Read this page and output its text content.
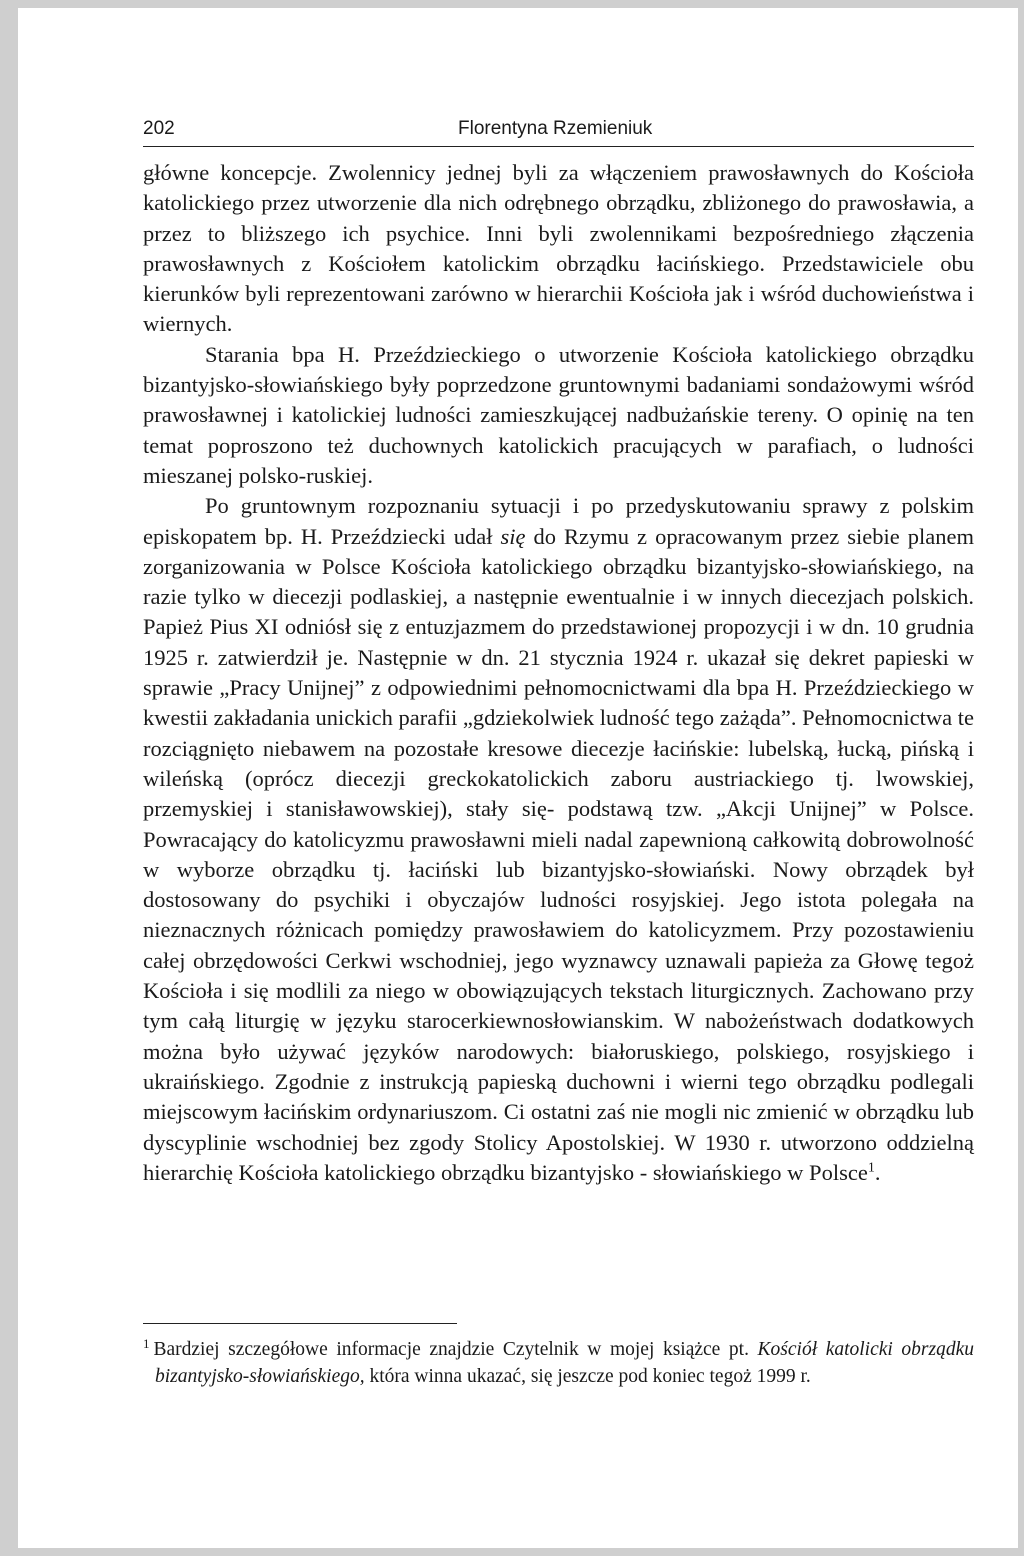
202	Florentyna Rzemieniuk

główne koncepcje. Zwolennicy jednej byli za włączeniem prawosławnych do Kościoła katolickiego przez utworzenie dla nich odrębnego obrządku, zbliżonego do prawosławia, a przez to bliższego ich psychice. Inni byli zwolennikami bezpośredniego złączenia prawosławnych z Kościołem katolickim obrządku łacińskiego. Przedstawiciele obu kierunków byli reprezentowani zarówno w hierarchii Kościoła jak i wśród duchowieństwa i wiernych.

Starania bpa H. Przeździeckiego o utworzenie Kościoła katolickiego obrządku bizantyjsko-słowiańskiego były poprzedzone gruntownymi badaniami sondażowymi wśród prawosławnej i katolickiej ludności zamieszkującej nadbużańskie tereny. O opinię na ten temat poproszono też duchownych katolickich pracujących w parafiach, o ludności mieszanej polsko-ruskiej.

Po gruntownym rozpoznaniu sytuacji i po przedyskutowaniu sprawy z polskim episkopatem bp. H. Przeździecki udał się do Rzymu z opracowanym przez siebie planem zorganizowania w Polsce Kościoła katolickiego obrządku bizantyjsko-słowiańskiego, na razie tylko w diecezji podlaskiej, a następnie ewentualnie i w innych diecezjach polskich. Papież Pius XI odniósł się z entuzjazmem do przedstawionej propozycji i w dn. 10 grudnia 1925 r. zatwierdził je. Następnie w dn. 21 stycznia 1924 r. ukazał się dekret papieski w sprawie „Pracy Unijnej” z odpowiednimi pełnomocnictwami dla bpa H. Przeździeckiego w kwestii zakładania unickich parafii „gdziekolwiek ludność tego zażąda”. Pełnomocnictwa te rozciągnięto niebawem na pozostałe kresowe diecezje łacińskie: lubelską, łucką, pińską i wileńską (oprócz diecezji greckokatolickich zaboru austriackiego tj. lwowskiej, przemyskiej i stanisławowskiej), stały się- podstawą tzw. „Akcji Unijnej” w Polsce. Powracający do katolicyzmu prawosławni mieli nadal zapewnioną całkowitą dobrowolność w wyborze obrządku tj. łaciński lub bizantyjsko-słowiański. Nowy obrządek był dostosowany do psychiki i obyczajów ludności rosyjskiej. Jego istota polegała na nieznacznych różnicach pomiędzy prawosławiem do katolicyzmem. Przy pozostawieniu całej obrzędowości Cerkwi wschodniej, jego wyznawcy uznawali papieża za Głowę tegoż Kościoła i się modlili za niego w obowiązujących tekstach liturgicznych. Zachowano przy tym całą liturgię w języku starocerkiewnosłowianskim. W nabożeństwach dodatkowych można było używać języków narodowych: białoruskiego, polskiego, rosyjskiego i ukraińskiego. Zgodnie z instrukcją papieską duchowni i wierni tego obrządku podlegali miejscowym łacińskim ordynariuszom. Ci ostatni zaś nie mogli nic zmienić w obrządku lub dyscyplinie wschodniej bez zgody Stolicy Apostolskiej. W 1930 r. utworzono oddzielną hierarchię Kościoła katolickiego obrządku bizantyjsko - słowiańskiego w Polsce$^1$.

$^1$ Bardziej szczegółowe informacje znajdzie Czytelnik w mojej książce pt. Kościół katolicki obrządku bizantyjsko-słowiańskiego, która winna ukazać, się jeszcze pod koniec tegoż 1999 r.
